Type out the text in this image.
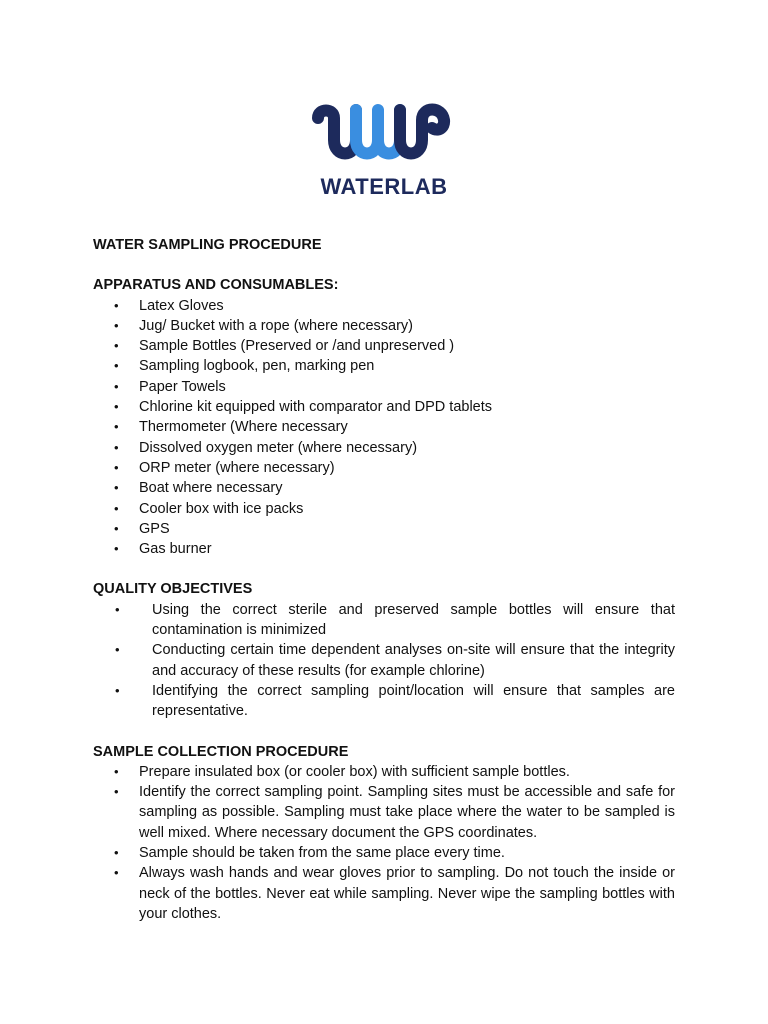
WATERLAB

WATER SAMPLING PROCEDURE

APPARATUS AND CONSUMABLES:

• Latex Gloves
• Jug/ Bucket with a rope (where necessary)
• Sample Bottles (Preserved or /and unpreserved )
• Sampling logbook, pen, marking pen
• Paper Towels
• Chlorine kit equipped with comparator and DPD tablets
• Thermometer (Where necessary
• Dissolved oxygen meter (where necessary)
• ORP meter (where necessary)
• Boat where necessary
• Cooler box with ice packs
• GPS
• Gas burner

QUALITY OBJECTIVES

• Using the correct sterile and preserved sample bottles will ensure that contamination is minimized
• Conducting certain time dependent analyses on-site will ensure that the integrity and accuracy of these results (for example chlorine)
• Identifying the correct sampling point/location will ensure that samples are representative.

SAMPLE COLLECTION PROCEDURE

• Prepare insulated box (or cooler box) with sufficient sample bottles.
• Identify the correct sampling point. Sampling sites must be accessible and safe for sampling as possible. Sampling must take place where the water to be sampled is well mixed. Where necessary document the GPS coordinates.
• Sample should be taken from the same place every time.
• Always wash hands and wear gloves prior to sampling. Do not touch the inside or neck of the bottles. Never eat while sampling. Never wipe the sampling bottles with your clothes.
